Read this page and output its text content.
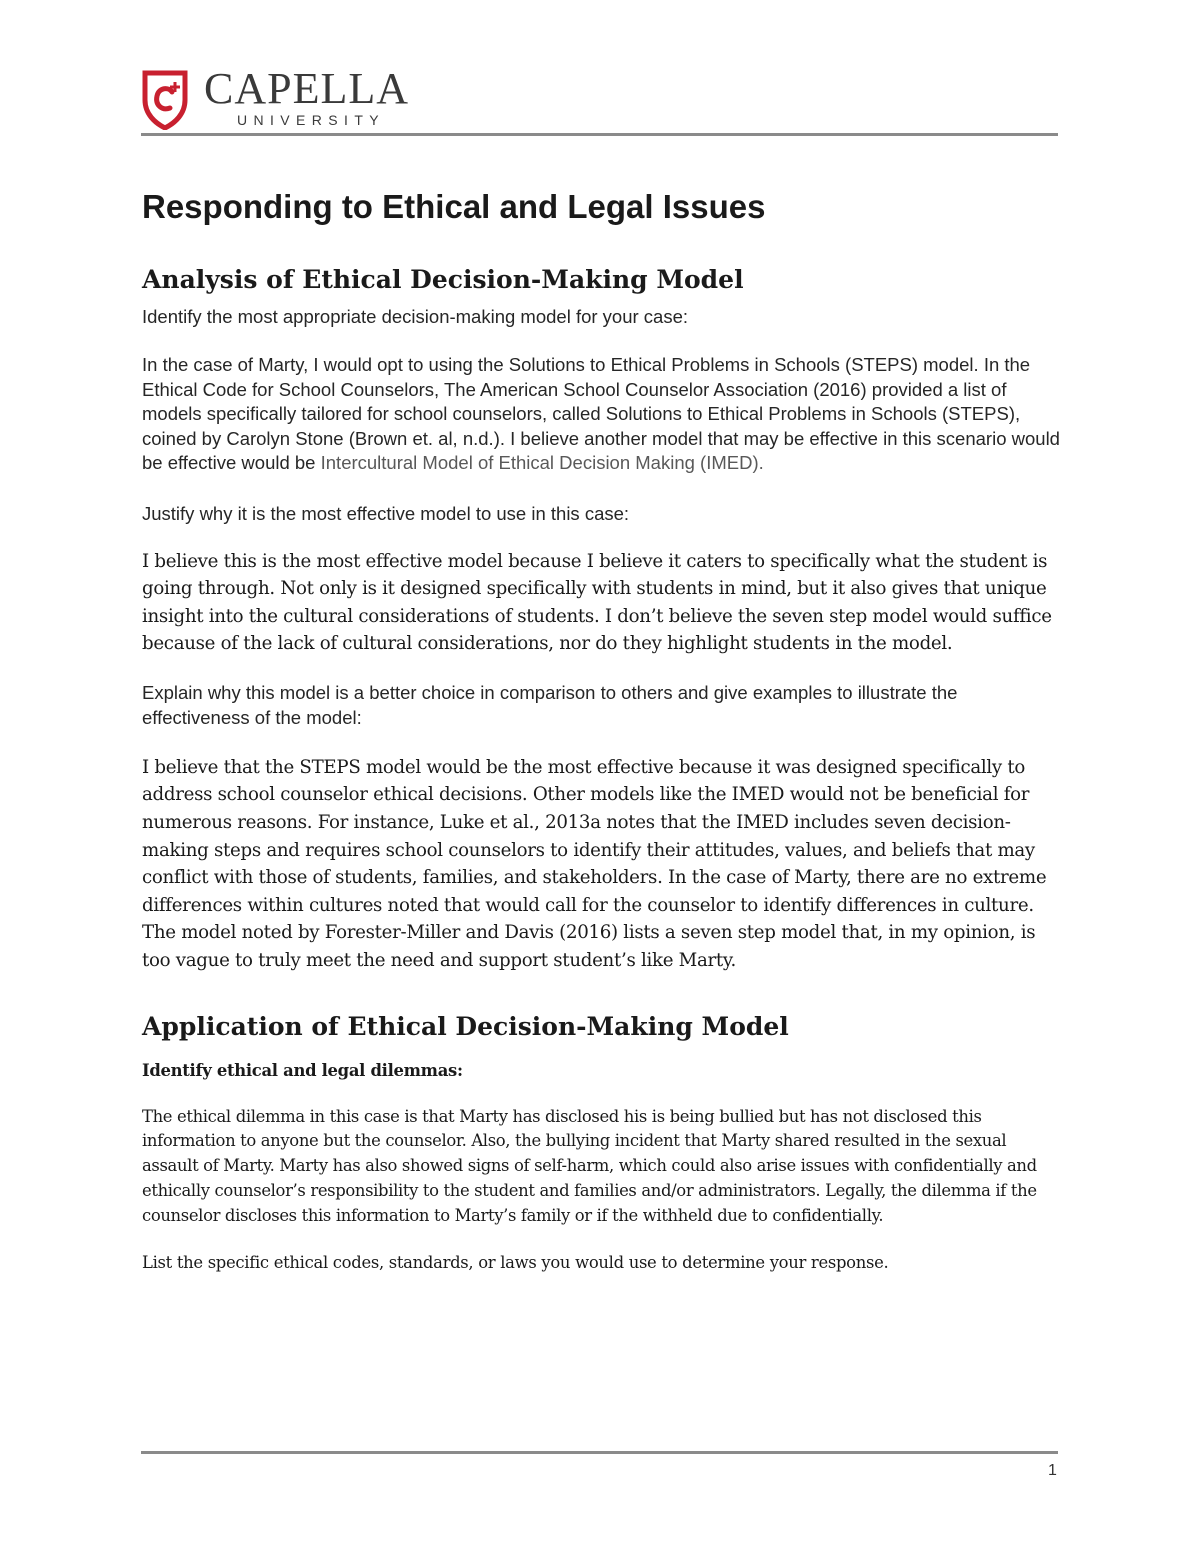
CAPELLA
UNIVERSITY
Responding to Ethical and Legal Issues
Analysis of Ethical Decision-Making Model

Identify the most appropriate decision-making model for your case:

In the case of Marty, I would opt to using the Solutions to Ethical Problems in Schools (STEPS) model. In the Ethical Code for School Counselors, The American School Counselor Association (2016) provided a list of models specifically tailored for school counselors, called Solutions to Ethical Problems in Schools (STEPS), coined by Carolyn Stone (Brown et. al, n.d.). I believe another model that may be effective in this scenario would be effective would be Intercultural Model of Ethical Decision Making (IMED).

Justify why it is the most effective model to use in this case:

I believe this is the most effective model because I believe it caters to specifically what the student is going through. Not only is it designed specifically with students in mind, but it also gives that unique insight into the cultural considerations of students. I don’t believe the seven step model would suffice because of the lack of cultural considerations, nor do they highlight students in the model.

Explain why this model is a better choice in comparison to others and give examples to illustrate the effectiveness of the model:

I believe that the STEPS model would be the most effective because it was designed specifically to address school counselor ethical decisions. Other models like the IMED would not be beneficial for numerous reasons. For instance, Luke et al., 2013a notes that the IMED includes seven decision-making steps and requires school counselors to identify their attitudes, values, and beliefs that may conflict with those of students, families, and stakeholders. In the case of Marty, there are no extreme differences within cultures noted that would call for the counselor to identify differences in culture. The model noted by Forester-Miller and Davis (2016) lists a seven step model that, in my opinion, is too vague to truly meet the need and support student’s like Marty.

Application of Ethical Decision-Making Model

Identify ethical and legal dilemmas:

The ethical dilemma in this case is that Marty has disclosed his is being bullied but has not disclosed this information to anyone but the counselor. Also, the bullying incident that Marty shared resulted in the sexual assault of Marty. Marty has also showed signs of self-harm, which could also arise issues with confidentially and ethically counselor’s responsibility to the student and families and/or administrators. Legally, the dilemma if the counselor discloses this information to Marty’s family or if the withheld due to confidentially.

List the specific ethical codes, standards, or laws you would use to determine your response.

1
